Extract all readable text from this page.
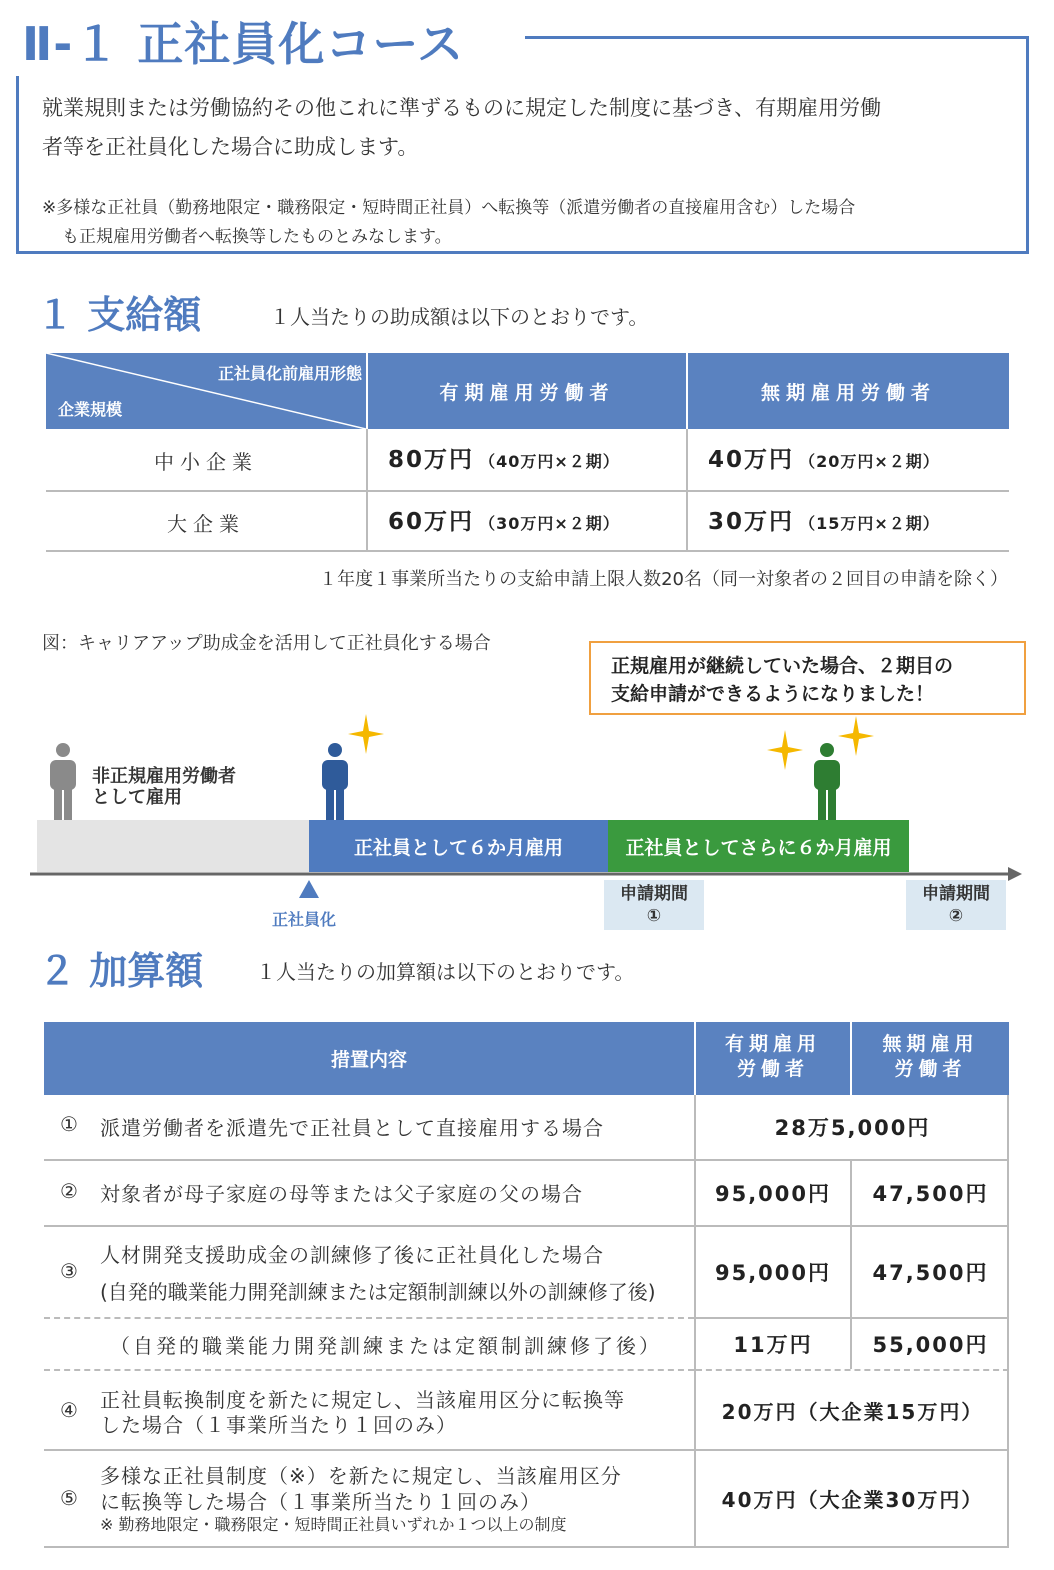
Ⅱ-１ 正社員化コース
就業規則または労働協約その他これに準ずるものに規定した制度に基づき、有期雇用労働
者等を正社員化した場合に助成します。
※多様な正社員（勤務地限定・職務限定・短時間正社員）へ転換等（派遣労働者の直接雇用含む）した場合
も正規雇用労働者へ転換等したものとみなします。
１ 支給額	１人当たりの助成額は以下のとおりです。
正社員化前雇用形態
企業規模
有期雇用労働者	無期雇用労働者
中小企業	80万円 （40万円×２期）	40万円 （20万円×２期）
大企業	60万円 （30万円×２期）	30万円 （15万円×２期）
１年度１事業所当たりの支給申請上限人数20名（同一対象者の２回目の申請を除く）
図：キャリアアップ助成金を活用して正社員化する場合
正規雇用が継続していた場合、２期目の
支給申請ができるようになりました！
非正規雇用労働者
として雇用
正社員として６か月雇用	正社員としてさらに６か月雇用
正社員化
申請期間
①
申請期間
②
２ 加算額	１人当たりの加算額は以下のとおりです。
措置内容
有期雇用
労働者
無期雇用
労働者
① 派遣労働者を派遣先で正社員として直接雇用する場合	28万5,000円
② 対象者が母子家庭の母等または父子家庭の父の場合	95,000円	47,500円
③
人材開発支援助成金の訓練修了後に正社員化した場合
(自発的職業能力開発訓練または定額制訓練以外の訓練修了後)
95,000円	47,500円
（自発的職業能力開発訓練または定額制訓練修了後）	11万円	55,000円
④ 正社員転換制度を新たに規定し、当該雇用区分に転換等
した場合（１事業所当たり１回のみ）
20万円（大企業15万円）
⑤
多様な正社員制度（※）を新たに規定し、当該雇用区分
に転換等した場合（１事業所当たり１回のみ）
※ 勤務地限定・職務限定・短時間正社員いずれか１つ以上の制度
40万円（大企業30万円）
